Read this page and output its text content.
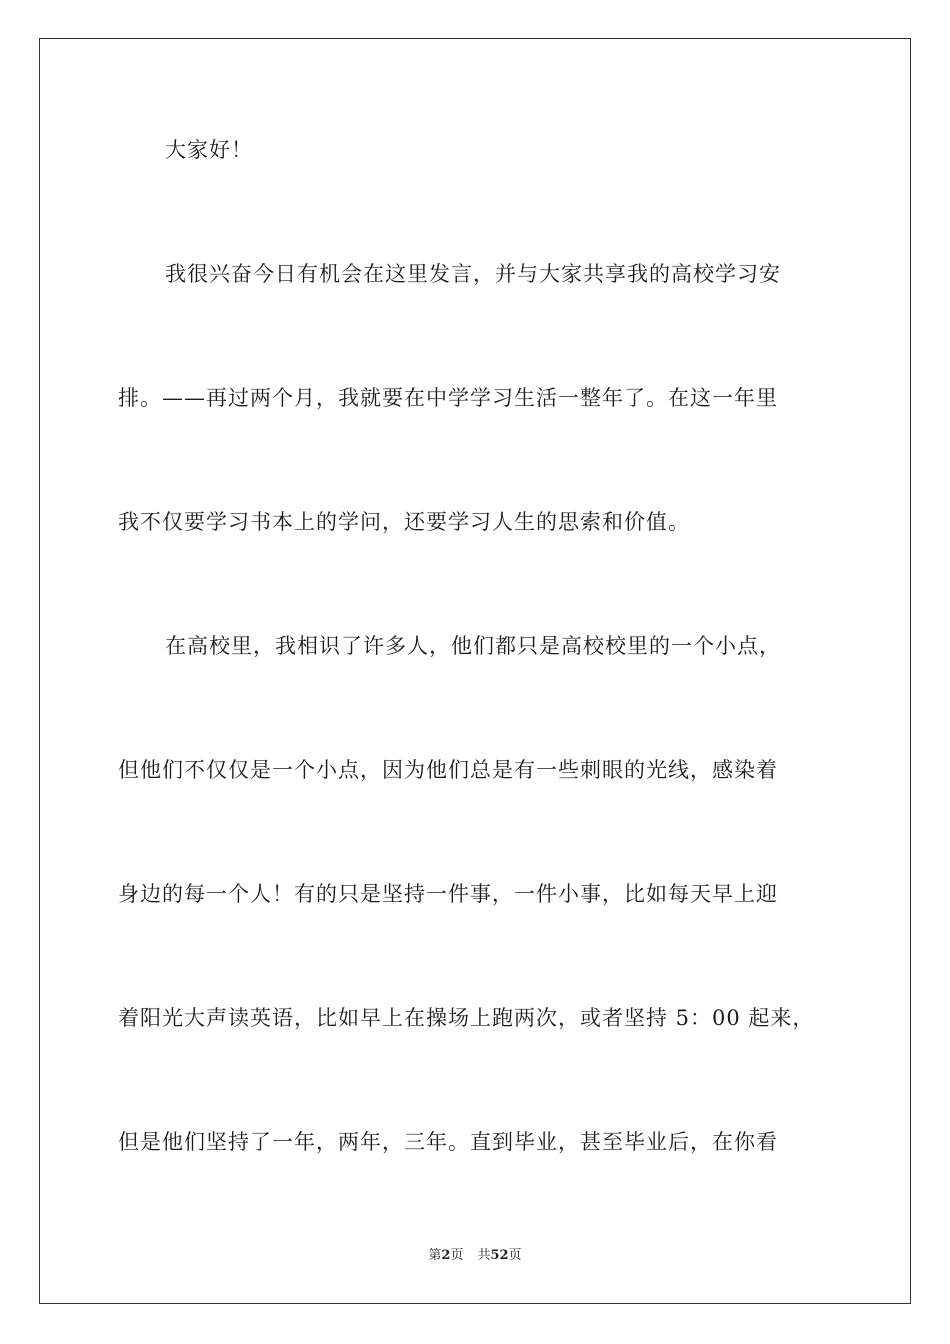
大家好！
我很兴奋今日有机会在这里发言，并与大家共享我的高校学习安
排。——再过两个月，我就要在中学学习生活一整年了。在这一年里
我不仅要学习书本上的学问，还要学习人生的思索和价值。
在高校里，我相识了许多人，他们都只是高校校里的一个小点，
但他们不仅仅是一个小点，因为他们总是有一些刺眼的光线，感染着
身边的每一个人！有的只是坚持一件事，一件小事，比如每天早上迎
着阳光大声读英语，比如早上在操场上跑两次，或者坚持 5：00 起来，
但是他们坚持了一年，两年，三年。直到毕业，甚至毕业后，在你看
第2页 共52页
